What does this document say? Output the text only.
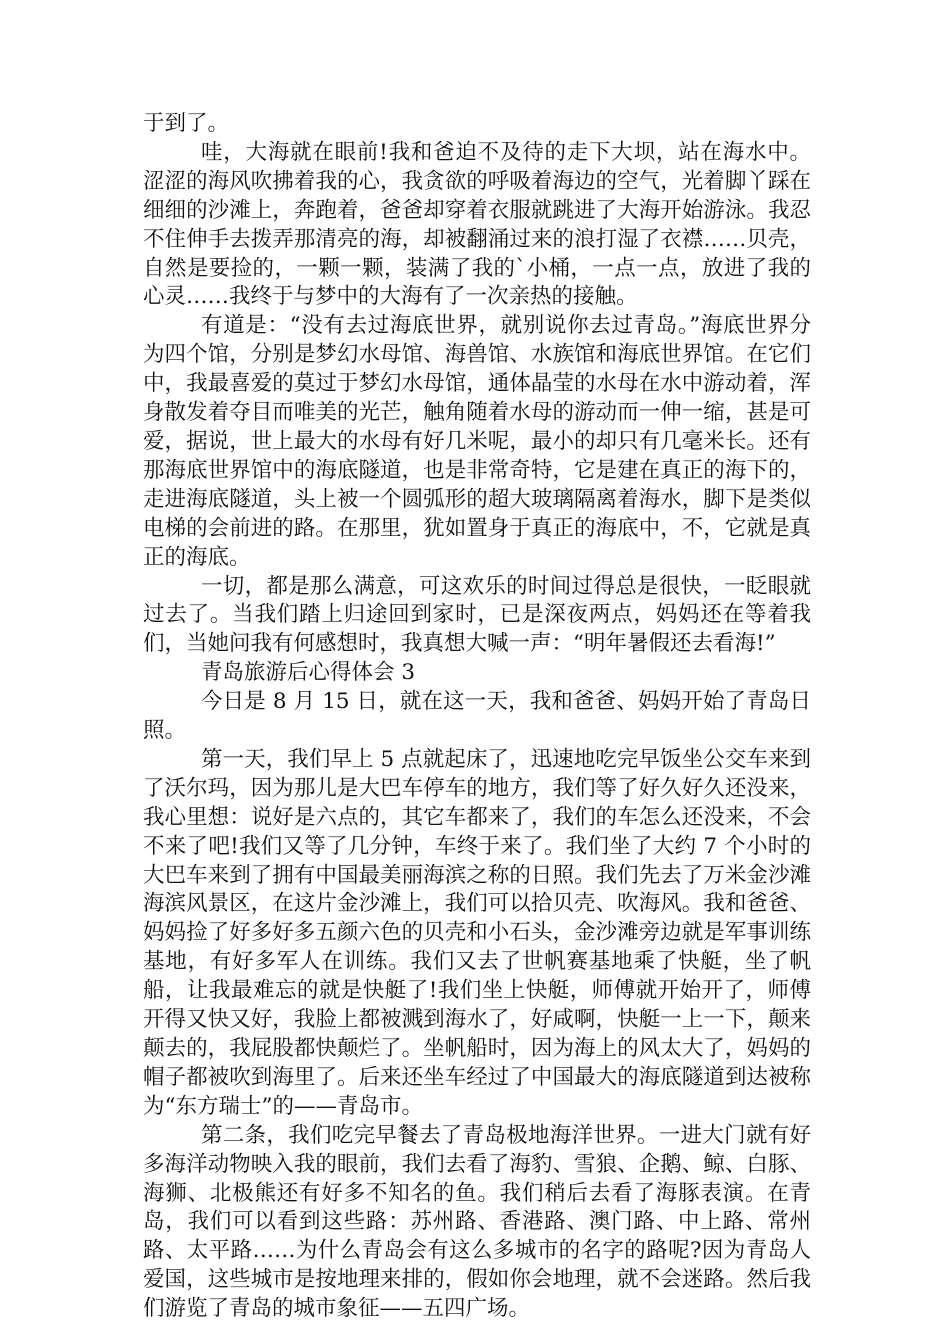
于到了。

哇，大海就在眼前!我和爸迫不及待的走下大坝，站在海水中。涩涩的海风吹拂着我的心，我贪欲的呼吸着海边的空气，光着脚丫踩在细细的沙滩上，奔跑着，爸爸却穿着衣服就跳进了大海开始游泳。我忍不住伸手去拨弄那清亮的海，却被翻涌过来的浪打湿了衣襟……贝壳，自然是要捡的，一颗一颗，装满了我的`小桶，一点一点，放进了我的心灵……我终于与梦中的大海有了一次亲热的接触。

有道是：“没有去过海底世界，就别说你去过青岛。”海底世界分为四个馆，分别是梦幻水母馆、海兽馆、水族馆和海底世界馆。在它们中，我最喜爱的莫过于梦幻水母馆，通体晶莹的水母在水中游动着，浑身散发着夺目而唯美的光芒，触角随着水母的游动而一伸一缩，甚是可爱，据说，世上最大的水母有好几米呢，最小的却只有几毫米长。还有那海底世界馆中的海底隧道，也是非常奇特，它是建在真正的海下的，走进海底隧道，头上被一个圆弧形的超大玻璃隔离着海水，脚下是类似电梯的会前进的路。在那里，犹如置身于真正的海底中，不，它就是真正的海底。

一切，都是那么满意，可这欢乐的时间过得总是很快，一眨眼就过去了。当我们踏上归途回到家时，已是深夜两点，妈妈还在等着我们，当她问我有何感想时，我真想大喊一声：“明年暑假还去看海!”

青岛旅游后心得体会 3

今日是 8 月 15 日，就在这一天，我和爸爸、妈妈开始了青岛日照。

第一天，我们早上 5 点就起床了，迅速地吃完早饭坐公交车来到了沃尔玛，因为那儿是大巴车停车的地方，我们等了好久好久还没来，我心里想：说好是六点的，其它车都来了，我们的车怎么还没来，不会不来了吧!我们又等了几分钟，车终于来了。我们坐了大约 7 个小时的大巴车来到了拥有中国最美丽海滨之称的日照。我们先去了万米金沙滩海滨风景区，在这片金沙滩上，我们可以拾贝壳、吹海风。我和爸爸、妈妈捡了好多好多五颜六色的贝壳和小石头，金沙滩旁边就是军事训练基地，有好多军人在训练。我们又去了世帆赛基地乘了快艇，坐了帆船，让我最难忘的就是快艇了!我们坐上快艇，师傅就开始开了，师傅开得又快又好，我脸上都被溅到海水了，好咸啊，快艇一上一下，颠来颠去的，我屁股都快颠烂了。坐帆船时，因为海上的风太大了，妈妈的帽子都被吹到海里了。后来还坐车经过了中国最大的海底隧道到达被称为“东方瑞士”的——青岛市。

第二条，我们吃完早餐去了青岛极地海洋世界。一进大门就有好多海洋动物映入我的眼前，我们去看了海豹、雪狼、企鹅、鲸、白豚、海狮、北极熊还有好多不知名的鱼。我们稍后去看了海豚表演。在青岛，我们可以看到这些路：苏州路、香港路、澳门路、中上路、常州路、太平路……为什么青岛会有这么多城市的名字的路呢?因为青岛人爱国，这些城市是按地理来排的，假如你会地理，就不会迷路。然后我们游览了青岛的城市象征——五四广场。
